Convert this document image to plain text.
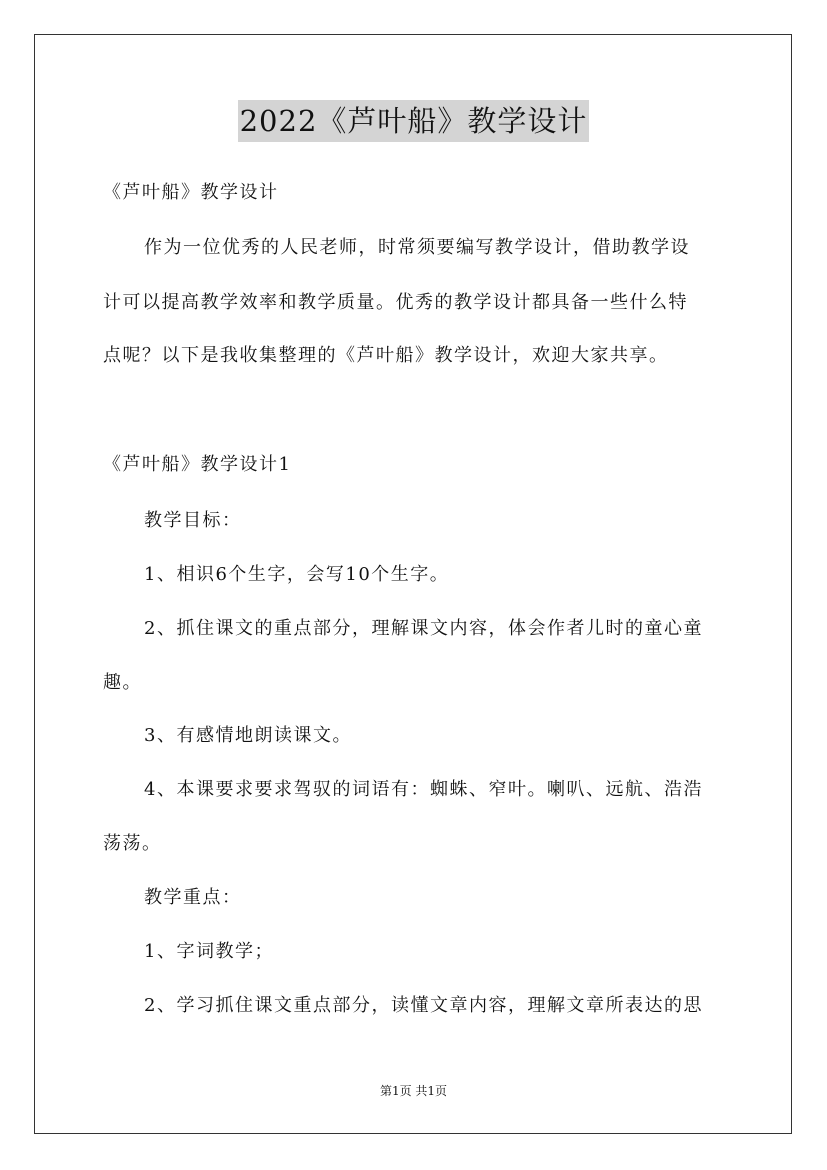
2022《芦叶船》教学设计
《芦叶船》教学设计
作为一位优秀的人民老师，时常须要编写教学设计，借助教学设
计可以提高教学效率和教学质量。优秀的教学设计都具备一些什么特
点呢？以下是我收集整理的《芦叶船》教学设计，欢迎大家共享。
《芦叶船》教学设计1
教学目标：
1、相识6个生字，会写10个生字。
2、抓住课文的重点部分，理解课文内容，体会作者儿时的童心童
趣。
3、有感情地朗读课文。
4、本课要求要求驾驭的词语有：蜘蛛、窄叶。喇叭、远航、浩浩
荡荡。
教学重点：
1、字词教学；
2、学习抓住课文重点部分，读懂文章内容，理解文章所表达的思
第1页 共1页
